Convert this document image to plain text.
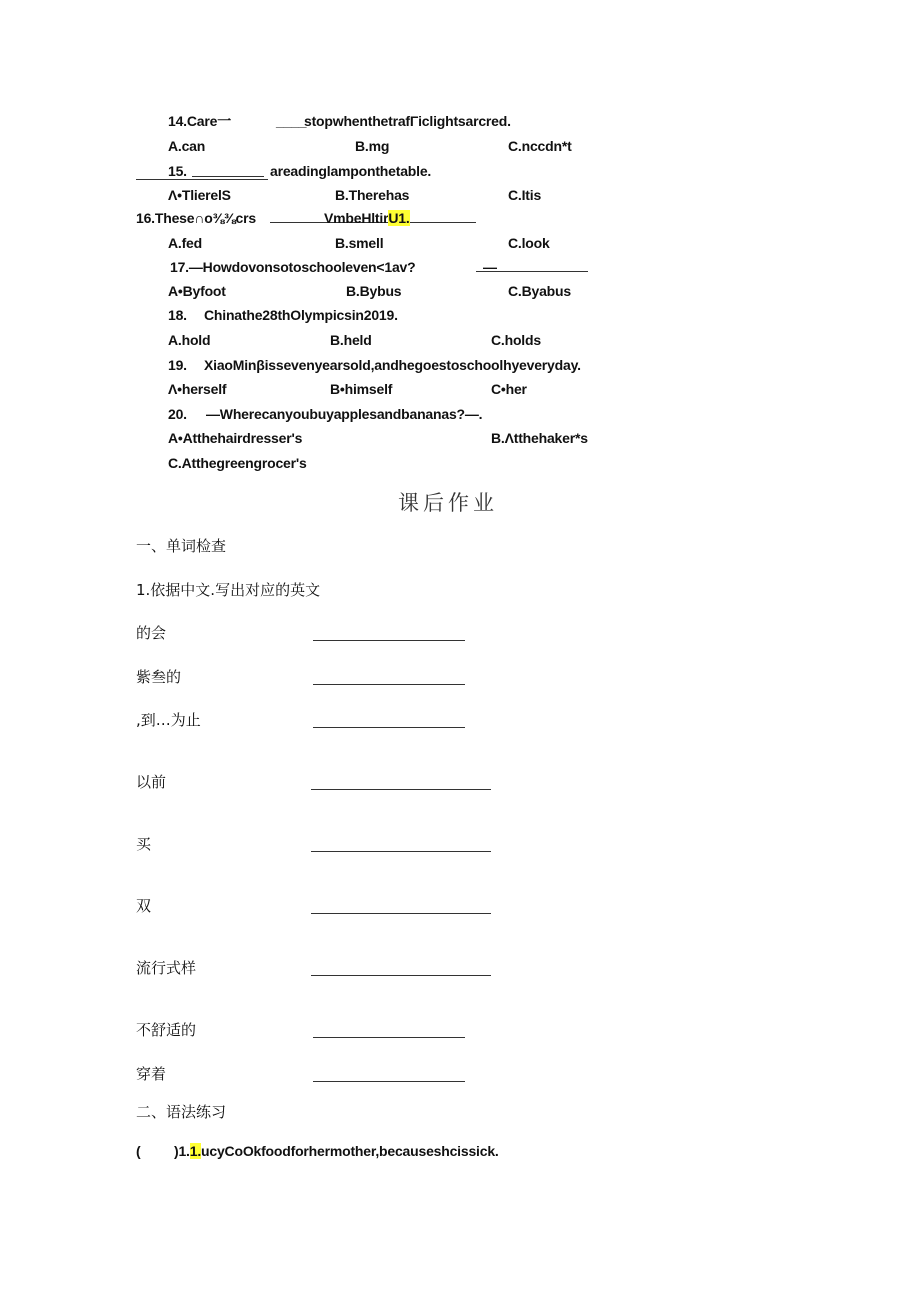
14.Care一	____
stopwhenthetrafΓiclightsarcred.
A.can	B.mg	C.nccdn*t
15.	areadinglamponthetable.
Λ•TlierelS	B.Therehas	C.Itis
16.These∩o⅜⅜crs	VmbeHltirU1.
A.fed	B.smell	C.look
17.—Howdovonsotoschooleven<1av?	—
A•Byfoot	B.Bybus	C.Byabus
18. Chinathe28thOlympicsin2019.
A.hold	B.held	C.holds
19. XiaoMinβissevenyearsold,andhegoestoschoolhyeveryday.
Λ•herself	B•himself	C•her
20. —Wherecanyoubuyapplesandbananas?—.
A•Atthehairdresser's	B.Λtthehaker*s
C.Atthegreengrocer's
课后作业
一、单词检查
1.依据中文.写出对应的英文
的会
紫叁的
,到…为止
以前
买
双
流行式样
不舒适的
穿着
二、语法练习
( )1.1.ucyCoOkfoodforhermother,becauseshcissick.
